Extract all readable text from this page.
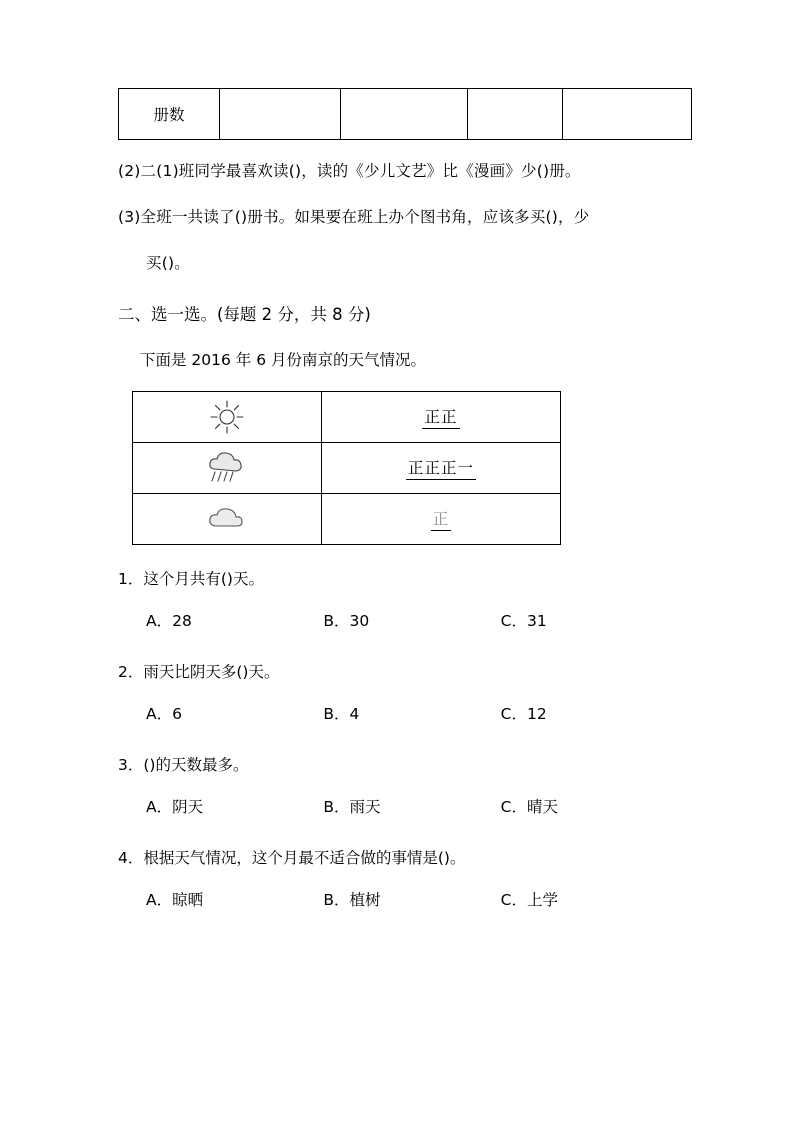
册数				

(2)二(1)班同学最喜欢读()，读的《少儿文艺》比《漫画》少()册。

(3)全班一共读了()册书。如果要在班上办个图书角，应该多买()，少

买()。

二、选一选。(每题 2 分，共 8 分)

下面是 2016 年 6 月份南京的天气情况。

	正正

	正正正一

	正

1．这个月共有()天。

A．28	B．30	C．31

2．雨天比阴天多()天。

A．6	B．4	C．12

3．()的天数最多。

A．阴天	B．雨天	C．晴天

4．根据天气情况，这个月最不适合做的事情是()。

A．晾晒	B．植树	C．上学
